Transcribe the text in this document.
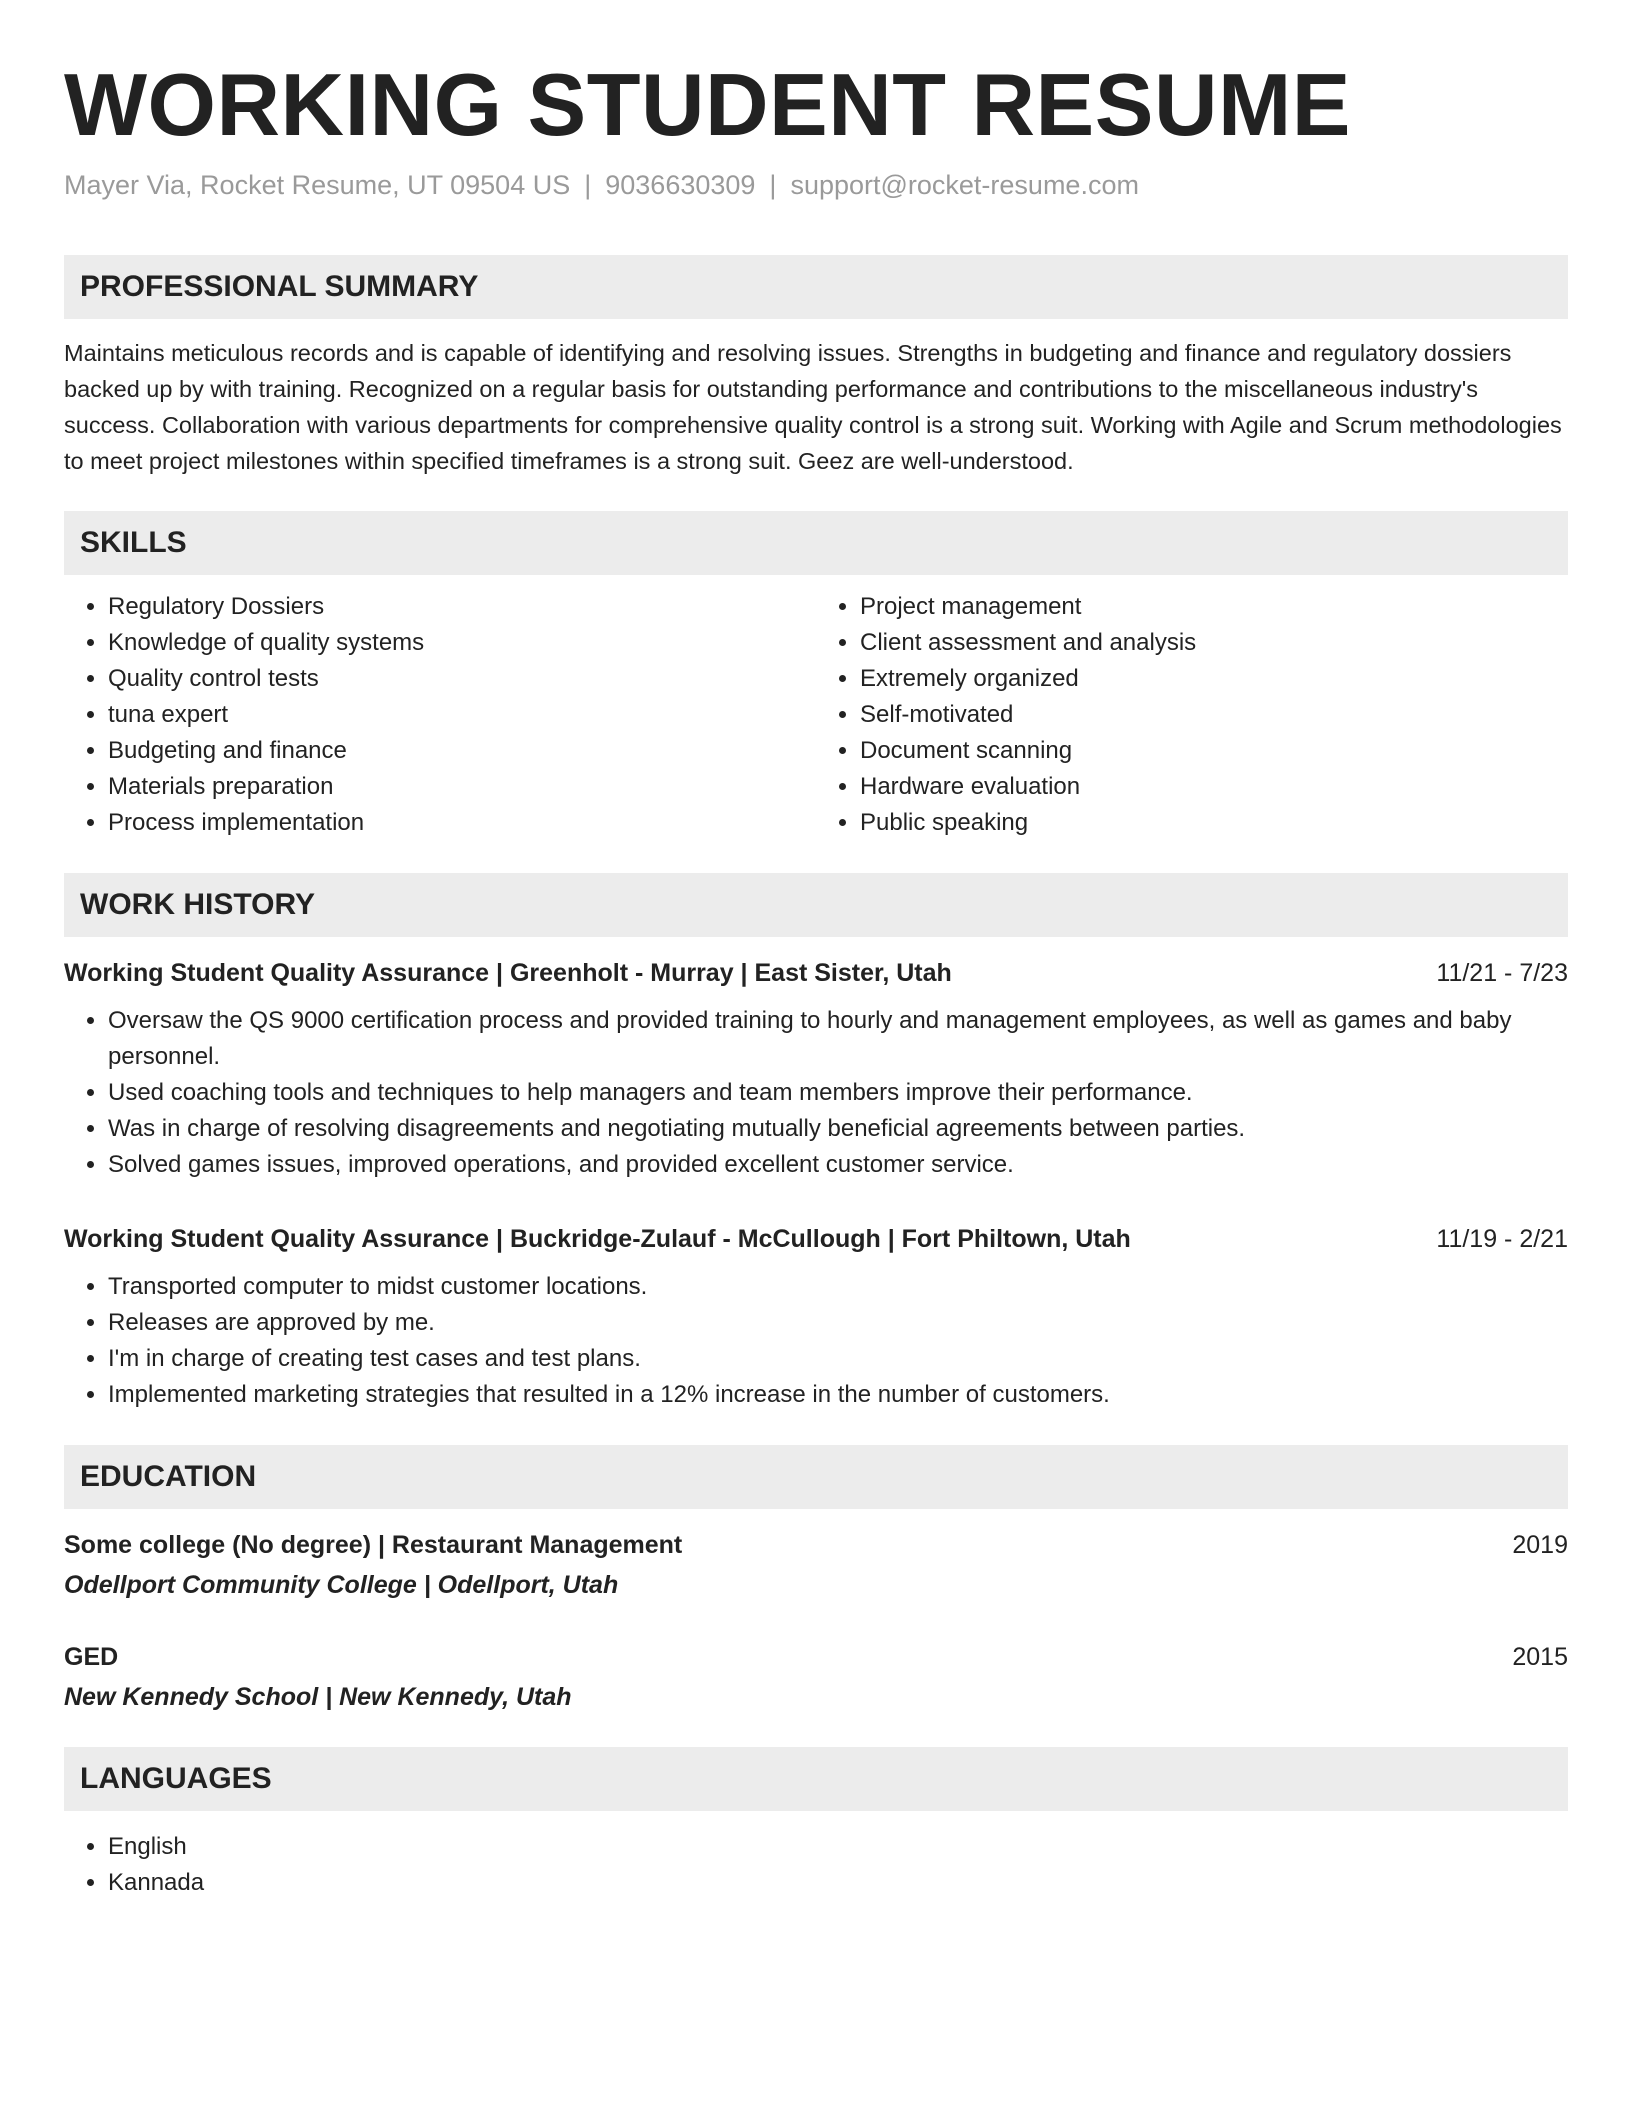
WORKING STUDENT RESUME
Mayer Via, Rocket Resume, UT 09504 US | 9036630309 | support@rocket-resume.com
PROFESSIONAL SUMMARY

Maintains meticulous records and is capable of identifying and resolving issues. Strengths in budgeting and finance and regulatory dossiers backed up by with training. Recognized on a regular basis for outstanding performance and contributions to the miscellaneous industry's success. Collaboration with various departments for comprehensive quality control is a strong suit. Working with Agile and Scrum methodologies to meet project milestones within specified timeframes is a strong suit. Geez are well-understood.

SKILLS
• Regulatory Dossiers
• Knowledge of quality systems
• Quality control tests
• tuna expert
• Budgeting and finance
• Materials preparation
• Process implementation
• Project management
• Client assessment and analysis
• Extremely organized
• Self-motivated
• Document scanning
• Hardware evaluation
• Public speaking
WORK HISTORY
Working Student Quality Assurance | Greenholt - Murray | East Sister, Utah	11/21 - 7/23
• Oversaw the QS 9000 certification process and provided training to hourly and management employees, as well as games and baby personnel.
• Used coaching tools and techniques to help managers and team members improve their performance.
• Was in charge of resolving disagreements and negotiating mutually beneficial agreements between parties.
• Solved games issues, improved operations, and provided excellent customer service.
Working Student Quality Assurance | Buckridge-Zulauf - McCullough | Fort Philtown, Utah	11/19 - 2/21
• Transported computer to midst customer locations.
• Releases are approved by me.
• I'm in charge of creating test cases and test plans.
• Implemented marketing strategies that resulted in a 12% increase in the number of customers.
EDUCATION
Some college (No degree) | Restaurant Management	2019
Odellport Community College | Odellport, Utah
GED	2015
New Kennedy School | New Kennedy, Utah
LANGUAGES
• English
• Kannada
